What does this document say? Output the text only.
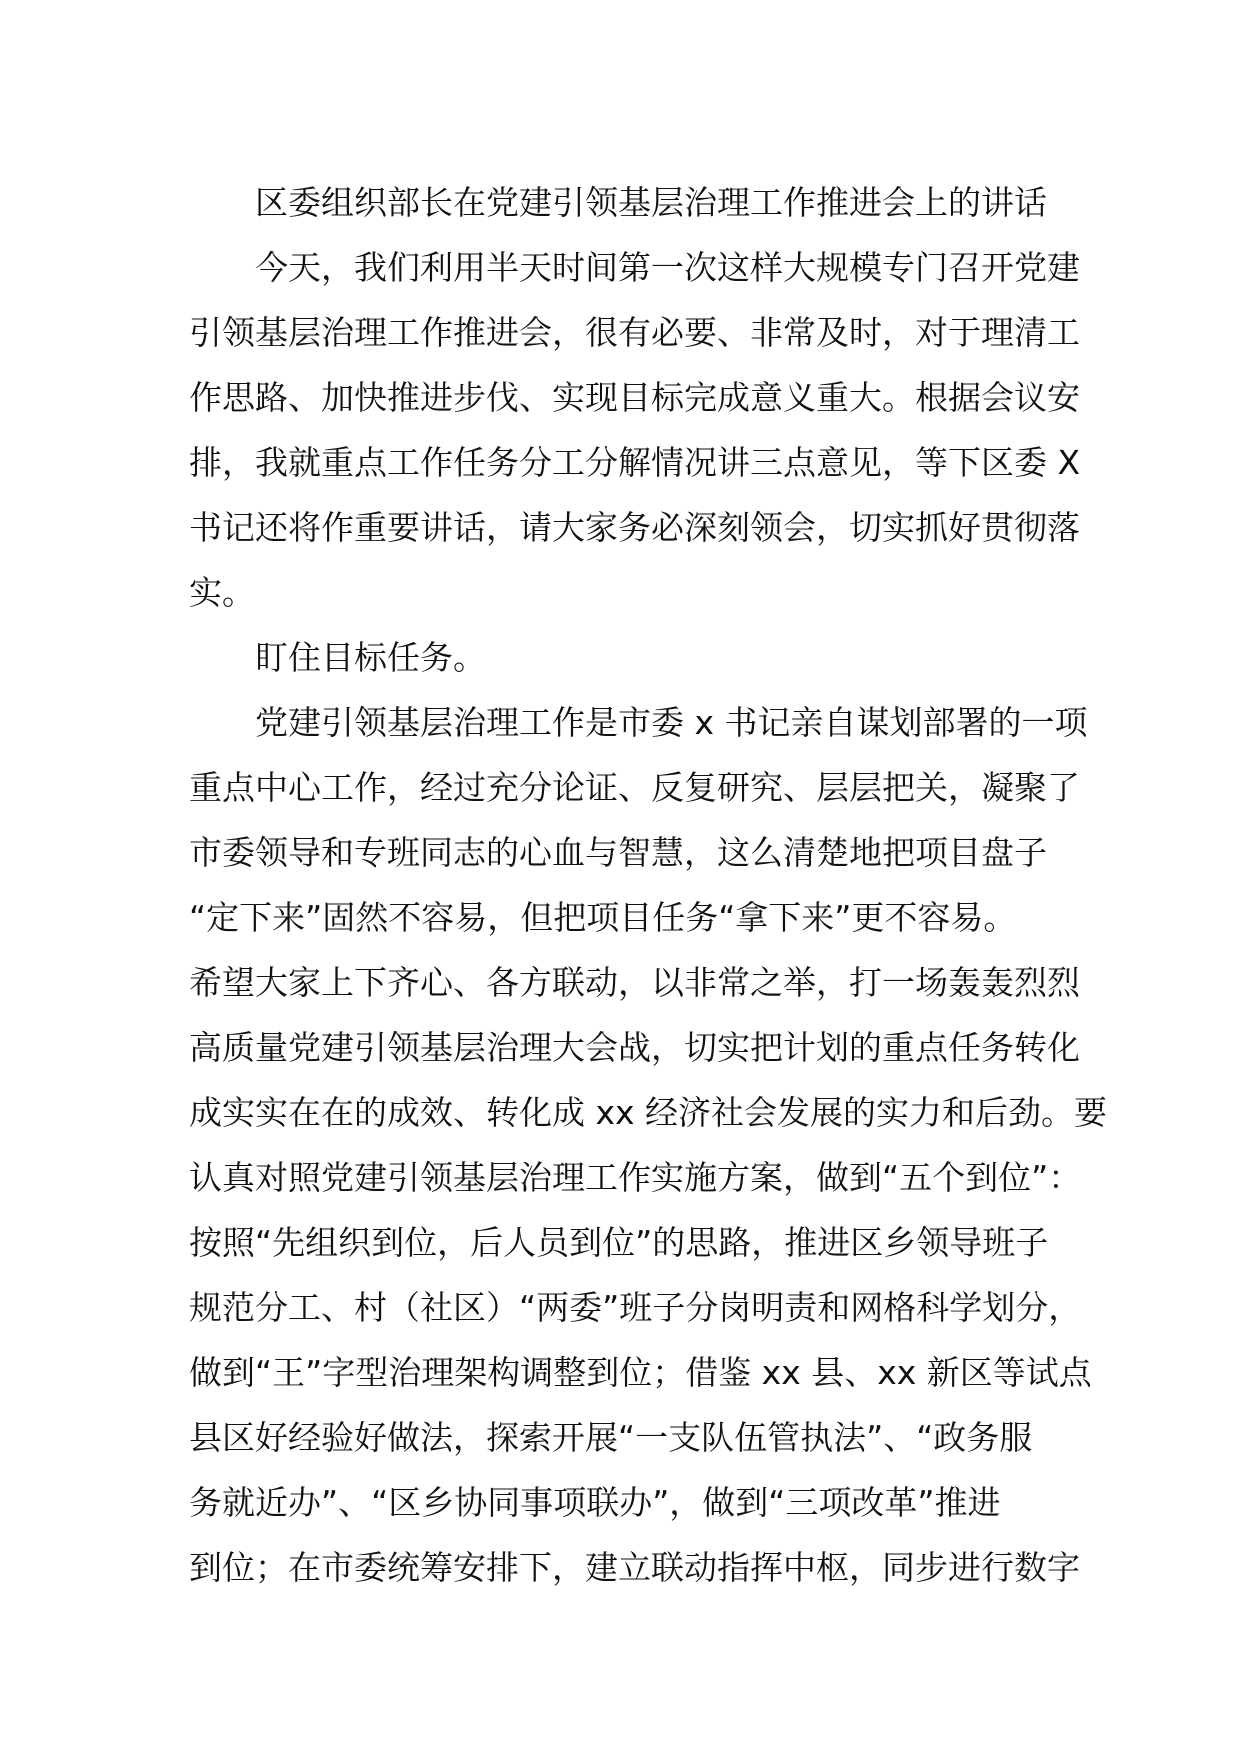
　　区委组织部长在党建引领基层治理工作推进会上的讲话
　　今天，我们利用半天时间第一次这样大规模专门召开党建
引领基层治理工作推进会，很有必要、非常及时，对于理清工
作思路、加快推进步伐、实现目标完成意义重大。根据会议安
排，我就重点工作任务分工分解情况讲三点意见，等下区委 X
书记还将作重要讲话，请大家务必深刻领会，切实抓好贯彻落
实。
　　盯住目标任务。
　　党建引领基层治理工作是市委 x 书记亲自谋划部署的一项
重点中心工作，经过充分论证、反复研究、层层把关，凝聚了
市委领导和专班同志的心血与智慧，这么清楚地把项目盘子
“定下来”固然不容易，但把项目任务“拿下来”更不容易。
希望大家上下齐心、各方联动，以非常之举，打一场轰轰烈烈
高质量党建引领基层治理大会战，切实把计划的重点任务转化
成实实在在的成效、转化成 xx 经济社会发展的实力和后劲。要
认真对照党建引领基层治理工作实施方案，做到“五个到位”：
按照“先组织到位，后人员到位”的思路，推进区乡领导班子
规范分工、村（社区）“两委”班子分岗明责和网格科学划分，
做到“王”字型治理架构调整到位；借鉴 xx 县、xx 新区等试点
县区好经验好做法，探索开展“一支队伍管执法”、“政务服
务就近办”、“区乡协同事项联办”，做到“三项改革”推进
到位；在市委统筹安排下，建立联动指挥中枢，同步进行数字
